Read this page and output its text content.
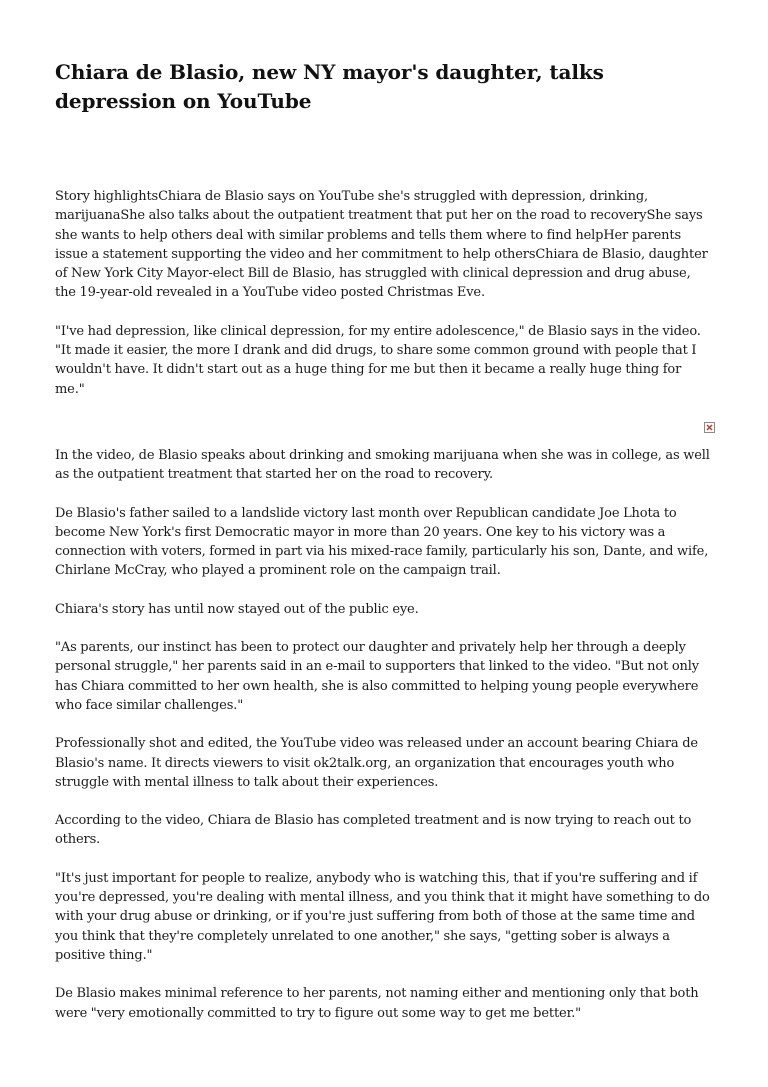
Chiara de Blasio, new NY mayor's daughter, talks depression on YouTube

Story highlightsChiara de Blasio says on YouTube she's struggled with depression, drinking, marijuanaShe also talks about the outpatient treatment that put her on the road to recoveryShe says she wants to help others deal with similar problems and tells them where to find helpHer parents issue a statement supporting the video and her commitment to help othersChiara de Blasio, daughter of New York City Mayor-elect Bill de Blasio, has struggled with clinical depression and drug abuse, the 19-year-old revealed in a YouTube video posted Christmas Eve.

"I've had depression, like clinical depression, for my entire adolescence," de Blasio says in the video. "It made it easier, the more I drank and did drugs, to share some common ground with people that I wouldn't have. It didn't start out as a huge thing for me but then it became a really huge thing for me."

In the video, de Blasio speaks about drinking and smoking marijuana when she was in college, as well as the outpatient treatment that started her on the road to recovery.

De Blasio's father sailed to a landslide victory last month over Republican candidate Joe Lhota to become New York's first Democratic mayor in more than 20 years. One key to his victory was a connection with voters, formed in part via his mixed-race family, particularly his son, Dante, and wife, Chirlane McCray, who played a prominent role on the campaign trail.

Chiara's story has until now stayed out of the public eye.

"As parents, our instinct has been to protect our daughter and privately help her through a deeply personal struggle," her parents said in an e-mail to supporters that linked to the video. "But not only has Chiara committed to her own health, she is also committed to helping young people everywhere who face similar challenges."

Professionally shot and edited, the YouTube video was released under an account bearing Chiara de Blasio's name. It directs viewers to visit ok2talk.org, an organization that encourages youth who struggle with mental illness to talk about their experiences.

According to the video, Chiara de Blasio has completed treatment and is now trying to reach out to others.

"It's just important for people to realize, anybody who is watching this, that if you're suffering and if you're depressed, you're dealing with mental illness, and you think that it might have something to do with your drug abuse or drinking, or if you're just suffering from both of those at the same time and you think that they're completely unrelated to one another," she says, "getting sober is always a positive thing."

De Blasio makes minimal reference to her parents, not naming either and mentioning only that both were "very emotionally committed to try to figure out some way to get me better."
